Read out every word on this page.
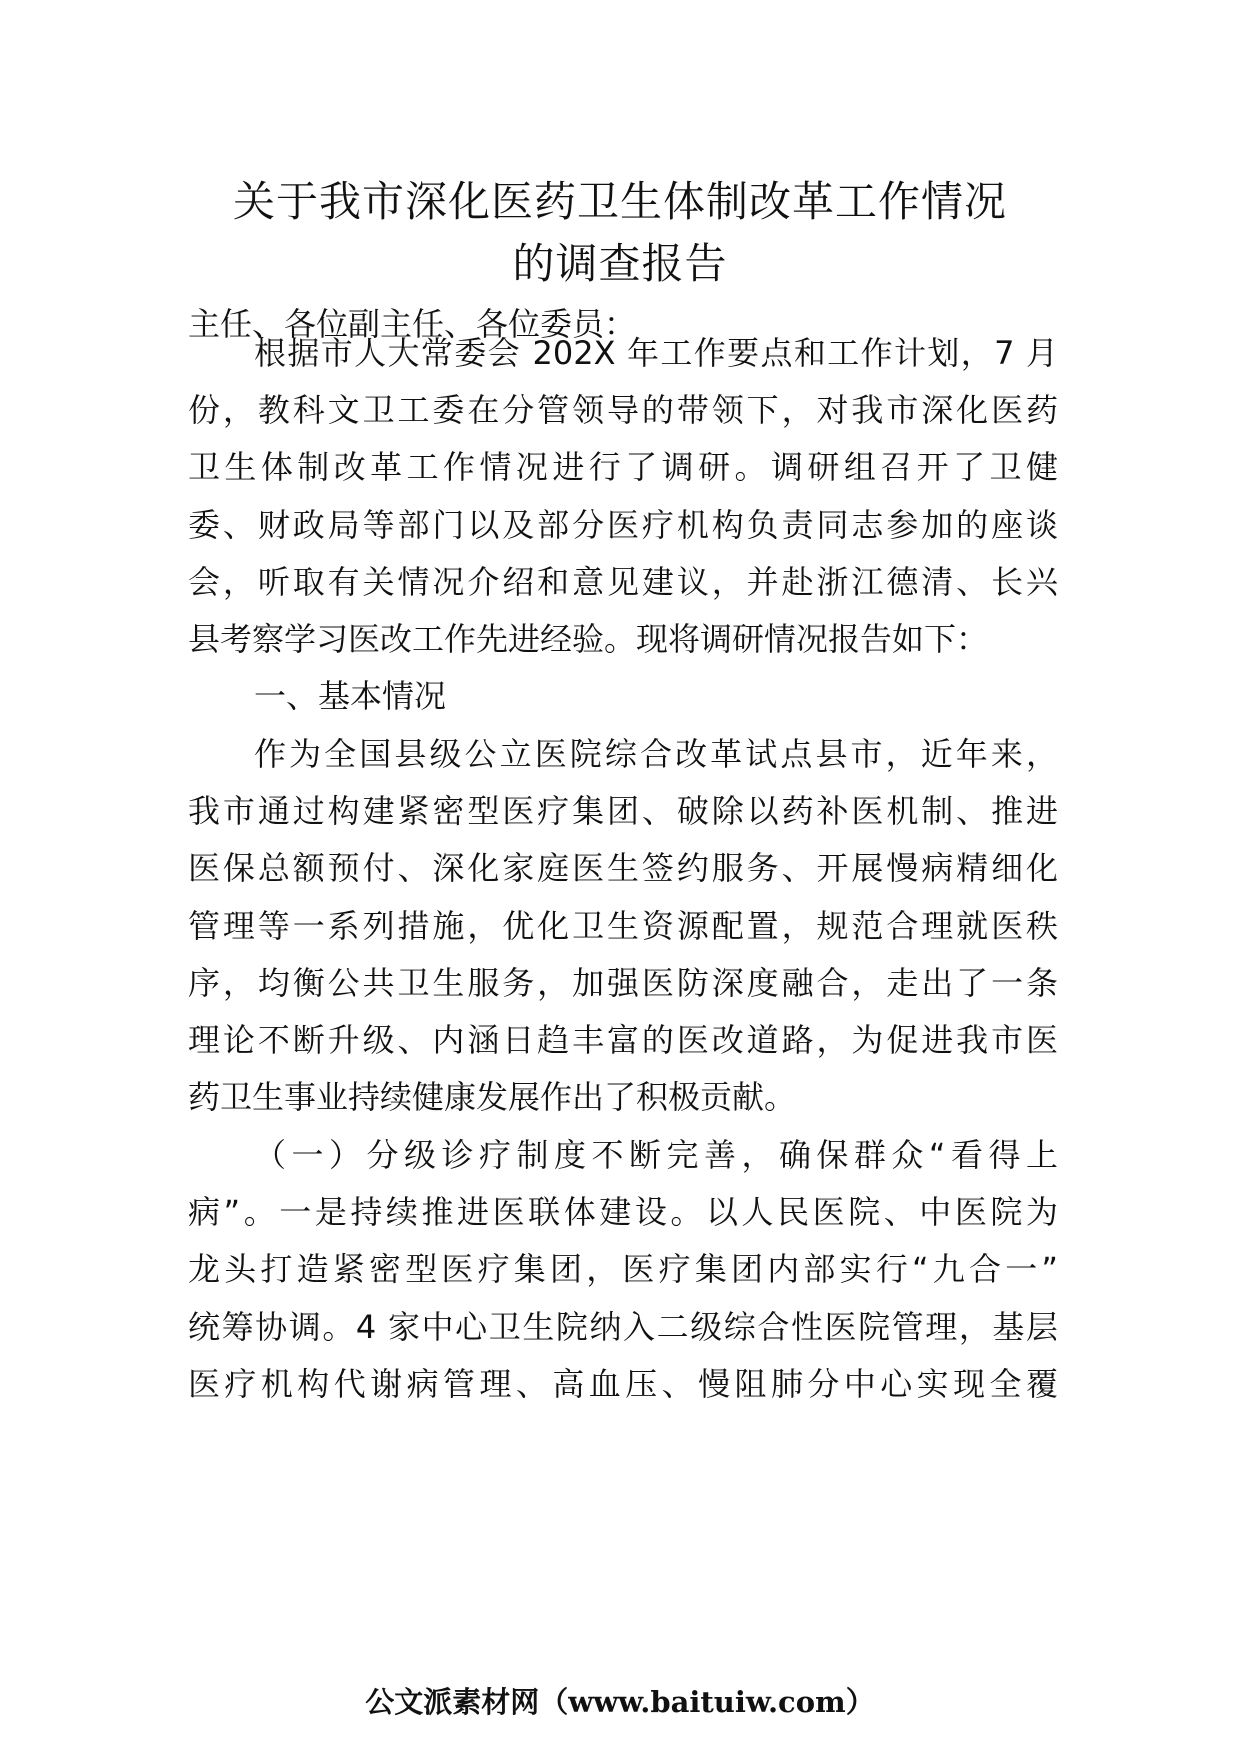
关于我市深化医药卫生体制改革工作情况
的调查报告
主任、各位副主任、各位委员：
根据市人大常委会 202X 年工作要点和工作计划，7 月
份，教科文卫工委在分管领导的带领下，对我市深化医药
卫生体制改革工作情况进行了调研。调研组召开了卫健
委、财政局等部门以及部分医疗机构负责同志参加的座谈
会，听取有关情况介绍和意见建议，并赴浙江德清、长兴
县考察学习医改工作先进经验。现将调研情况报告如下：
一、基本情况
作为全国县级公立医院综合改革试点县市，近年来，
我市通过构建紧密型医疗集团、破除以药补医机制、推进
医保总额预付、深化家庭医生签约服务、开展慢病精细化
管理等一系列措施，优化卫生资源配置，规范合理就医秩
序，均衡公共卫生服务，加强医防深度融合，走出了一条
理论不断升级、内涵日趋丰富的医改道路，为促进我市医
药卫生事业持续健康发展作出了积极贡献。
（一）分级诊疗制度不断完善，确保群众“看得上
病”。一是持续推进医联体建设。以人民医院、中医院为
龙头打造紧密型医疗集团，医疗集团内部实行“九合一”
统筹协调。4 家中心卫生院纳入二级综合性医院管理，基层
医疗机构代谢病管理、高血压、慢阻肺分中心实现全覆
公文派素材网（www.baituiw.com）
